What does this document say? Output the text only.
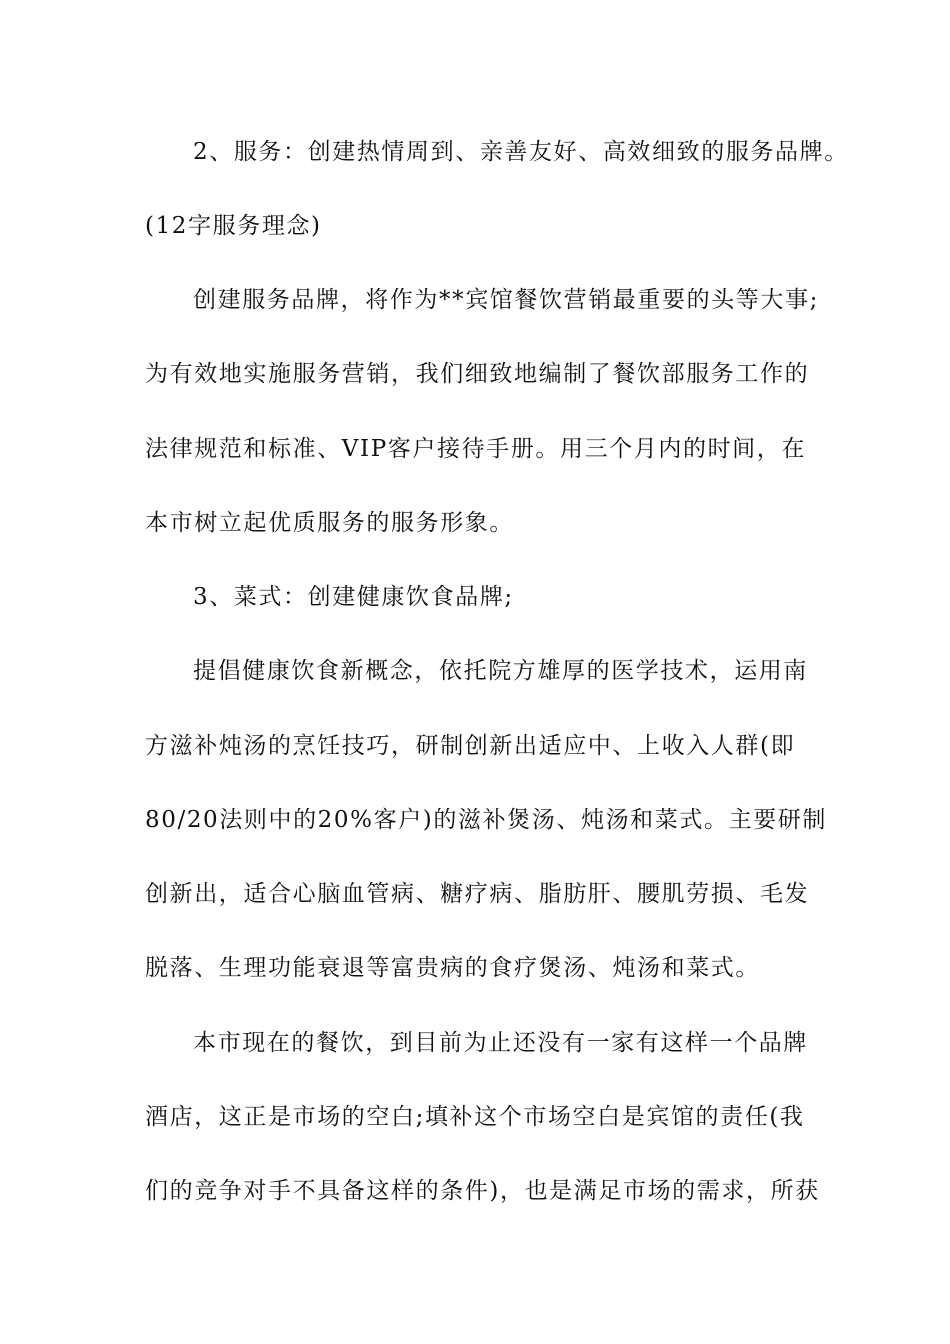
2、服务：创建热情周到、亲善友好、高效细致的服务品牌。
(12字服务理念)
创建服务品牌，将作为**宾馆餐饮营销最重要的头等大事;
为有效地实施服务营销，我们细致地编制了餐饮部服务工作的
法律规范和标准、VIP客户接待手册。用三个月内的时间，在
本市树立起优质服务的服务形象。
3、菜式：创建健康饮食品牌;
提倡健康饮食新概念，依托院方雄厚的医学技术，运用南
方滋补炖汤的烹饪技巧，研制创新出适应中、上收入人群(即
80/20法则中的20%客户)的滋补煲汤、炖汤和菜式。主要研制
创新出，适合心脑血管病、糖疗病、脂肪肝、腰肌劳损、毛发
脱落、生理功能衰退等富贵病的食疗煲汤、炖汤和菜式。
本市现在的餐饮，到目前为止还没有一家有这样一个品牌
酒店，这正是市场的空白;填补这个市场空白是宾馆的责任(我
们的竞争对手不具备这样的条件)，也是满足市场的需求，所获
